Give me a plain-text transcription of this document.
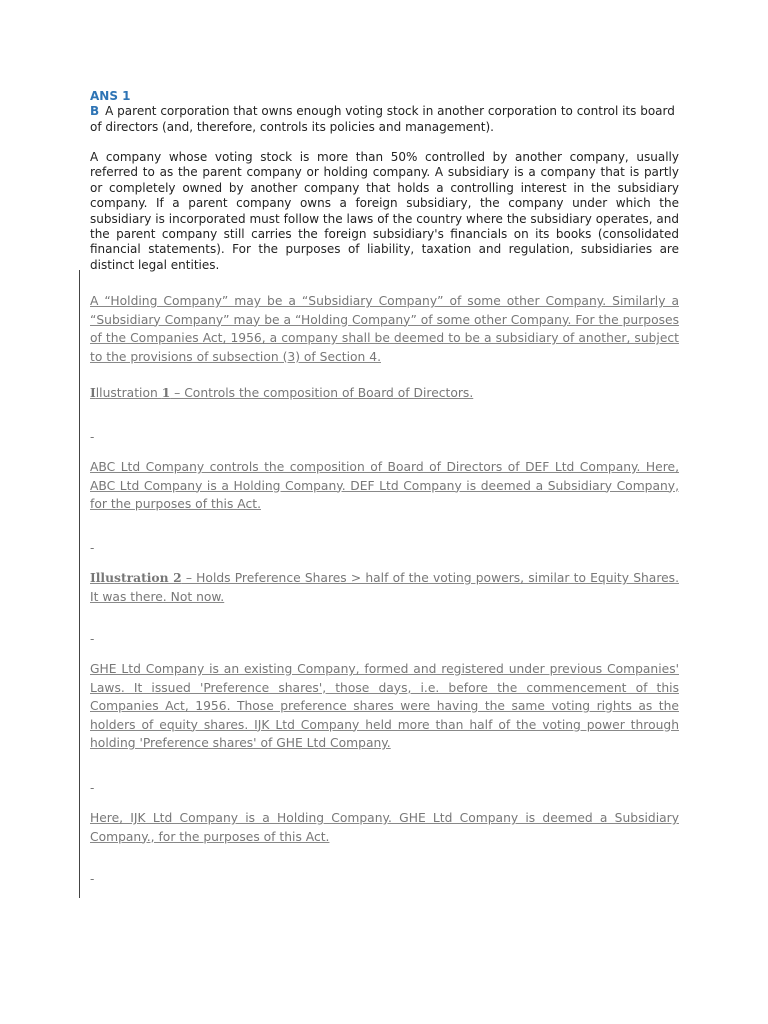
ANS 1
B A parent corporation that owns enough voting stock in another corporation to control its board of directors (and, therefore, controls its policies and management).

A company whose voting stock is more than 50% controlled by another company, usually referred to as the parent company or holding company. A subsidiary is a company that is partly or completely owned by another company that holds a controlling interest in the subsidiary company. If a parent company owns a foreign subsidiary, the company under which the subsidiary is incorporated must follow the laws of the country where the subsidiary operates, and the parent company still carries the foreign subsidiary's financials on its books (consolidated financial statements). For the purposes of liability, taxation and regulation, subsidiaries are distinct legal entities.

A “Holding Company” may be a “Subsidiary Company” of some other Company. Similarly a “Subsidiary Company” may be a “Holding Company” of some other Company. For the purposes of the Companies Act, 1956, a company shall be deemed to be a subsidiary of another, subject to the provisions of subsection (3) of Section 4.

Illustration 1 – Controls the composition of Board of Directors.

-

ABC Ltd Company controls the composition of Board of Directors of DEF Ltd Company. Here, ABC Ltd Company is a Holding Company. DEF Ltd Company is deemed a Subsidiary Company, for the purposes of this Act.

-

Illustration 2 – Holds Preference Shares > half of the voting powers, similar to Equity Shares. It was there. Not now.

-

GHE Ltd Company is an existing Company, formed and registered under previous Companies' Laws. It issued 'Preference shares', those days, i.e. before the commencement of this Companies Act, 1956. Those preference shares were having the same voting rights as the holders of equity shares. IJK Ltd Company held more than half of the voting power through holding 'Preference shares' of GHE Ltd Company.

-

Here, IJK Ltd Company is a Holding Company. GHE Ltd Company is deemed a Subsidiary Company., for the purposes of this Act.

-
